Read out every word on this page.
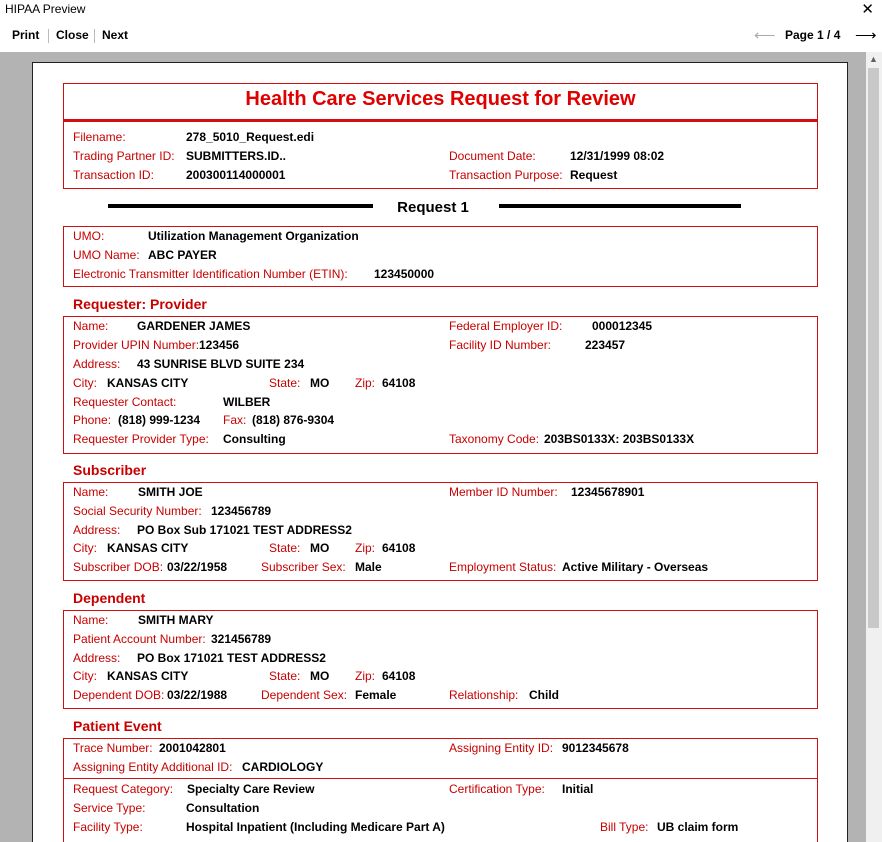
HIPAA Preview	✕
Print Close Next	⟵ Page 1 / 4 ⟶
Health Care Services Request for Review
Filename:	278_5010_Request.edi
Trading Partner ID: SUBMITTERS.ID..	Document Date:	12/31/1999 08:02
Transaction ID:	200300114000001	Transaction Purpose: Request
Request 1
UMO:	Utilization Management Organization
UMO Name: ABC PAYER
Electronic Transmitter Identification Number (ETIN): 123450000
Requester: Provider
Name: GARDENER JAMES	Federal Employer ID: 000012345
Provider UPIN Number: 123456	Facility ID Number:	223457
Address: 43 SUNRISE BLVD SUITE 234
City: KANSAS CITY	State: MO Zip: 64108
Requester Contact:	WILBER
Phone: (818) 999-1234 Fax: (818) 876-9304
Requester Provider Type: Consulting	Taxonomy Code: 203BS0133X: 203BS0133X
Subscriber
Name: SMITH JOE	Member ID Number: 12345678901
Social Security Number: 123456789
Address: PO Box Sub 171021 TEST ADDRESS2
City: KANSAS CITY	State: MO Zip: 64108
Subscriber DOB: 03/22/1958	Subscriber Sex: Male	Employment Status: Active Military - Overseas
Dependent
Name: SMITH MARY
Patient Account Number: 321456789
Address: PO Box 171021 TEST ADDRESS2
City: KANSAS CITY	State: MO Zip: 64108
Dependent DOB: 03/22/1988	Dependent Sex: Female	Relationship: Child
Patient Event
Trace Number: 2001042801	Assigning Entity ID: 9012345678
Assigning Entity Additional ID: CARDIOLOGY
Request Category: Specialty Care Review	Certification Type: Initial
Service Type:	Consultation
Facility Type:	Hospital Inpatient (Including Medicare Part A)	Bill Type: UB claim form
▲
